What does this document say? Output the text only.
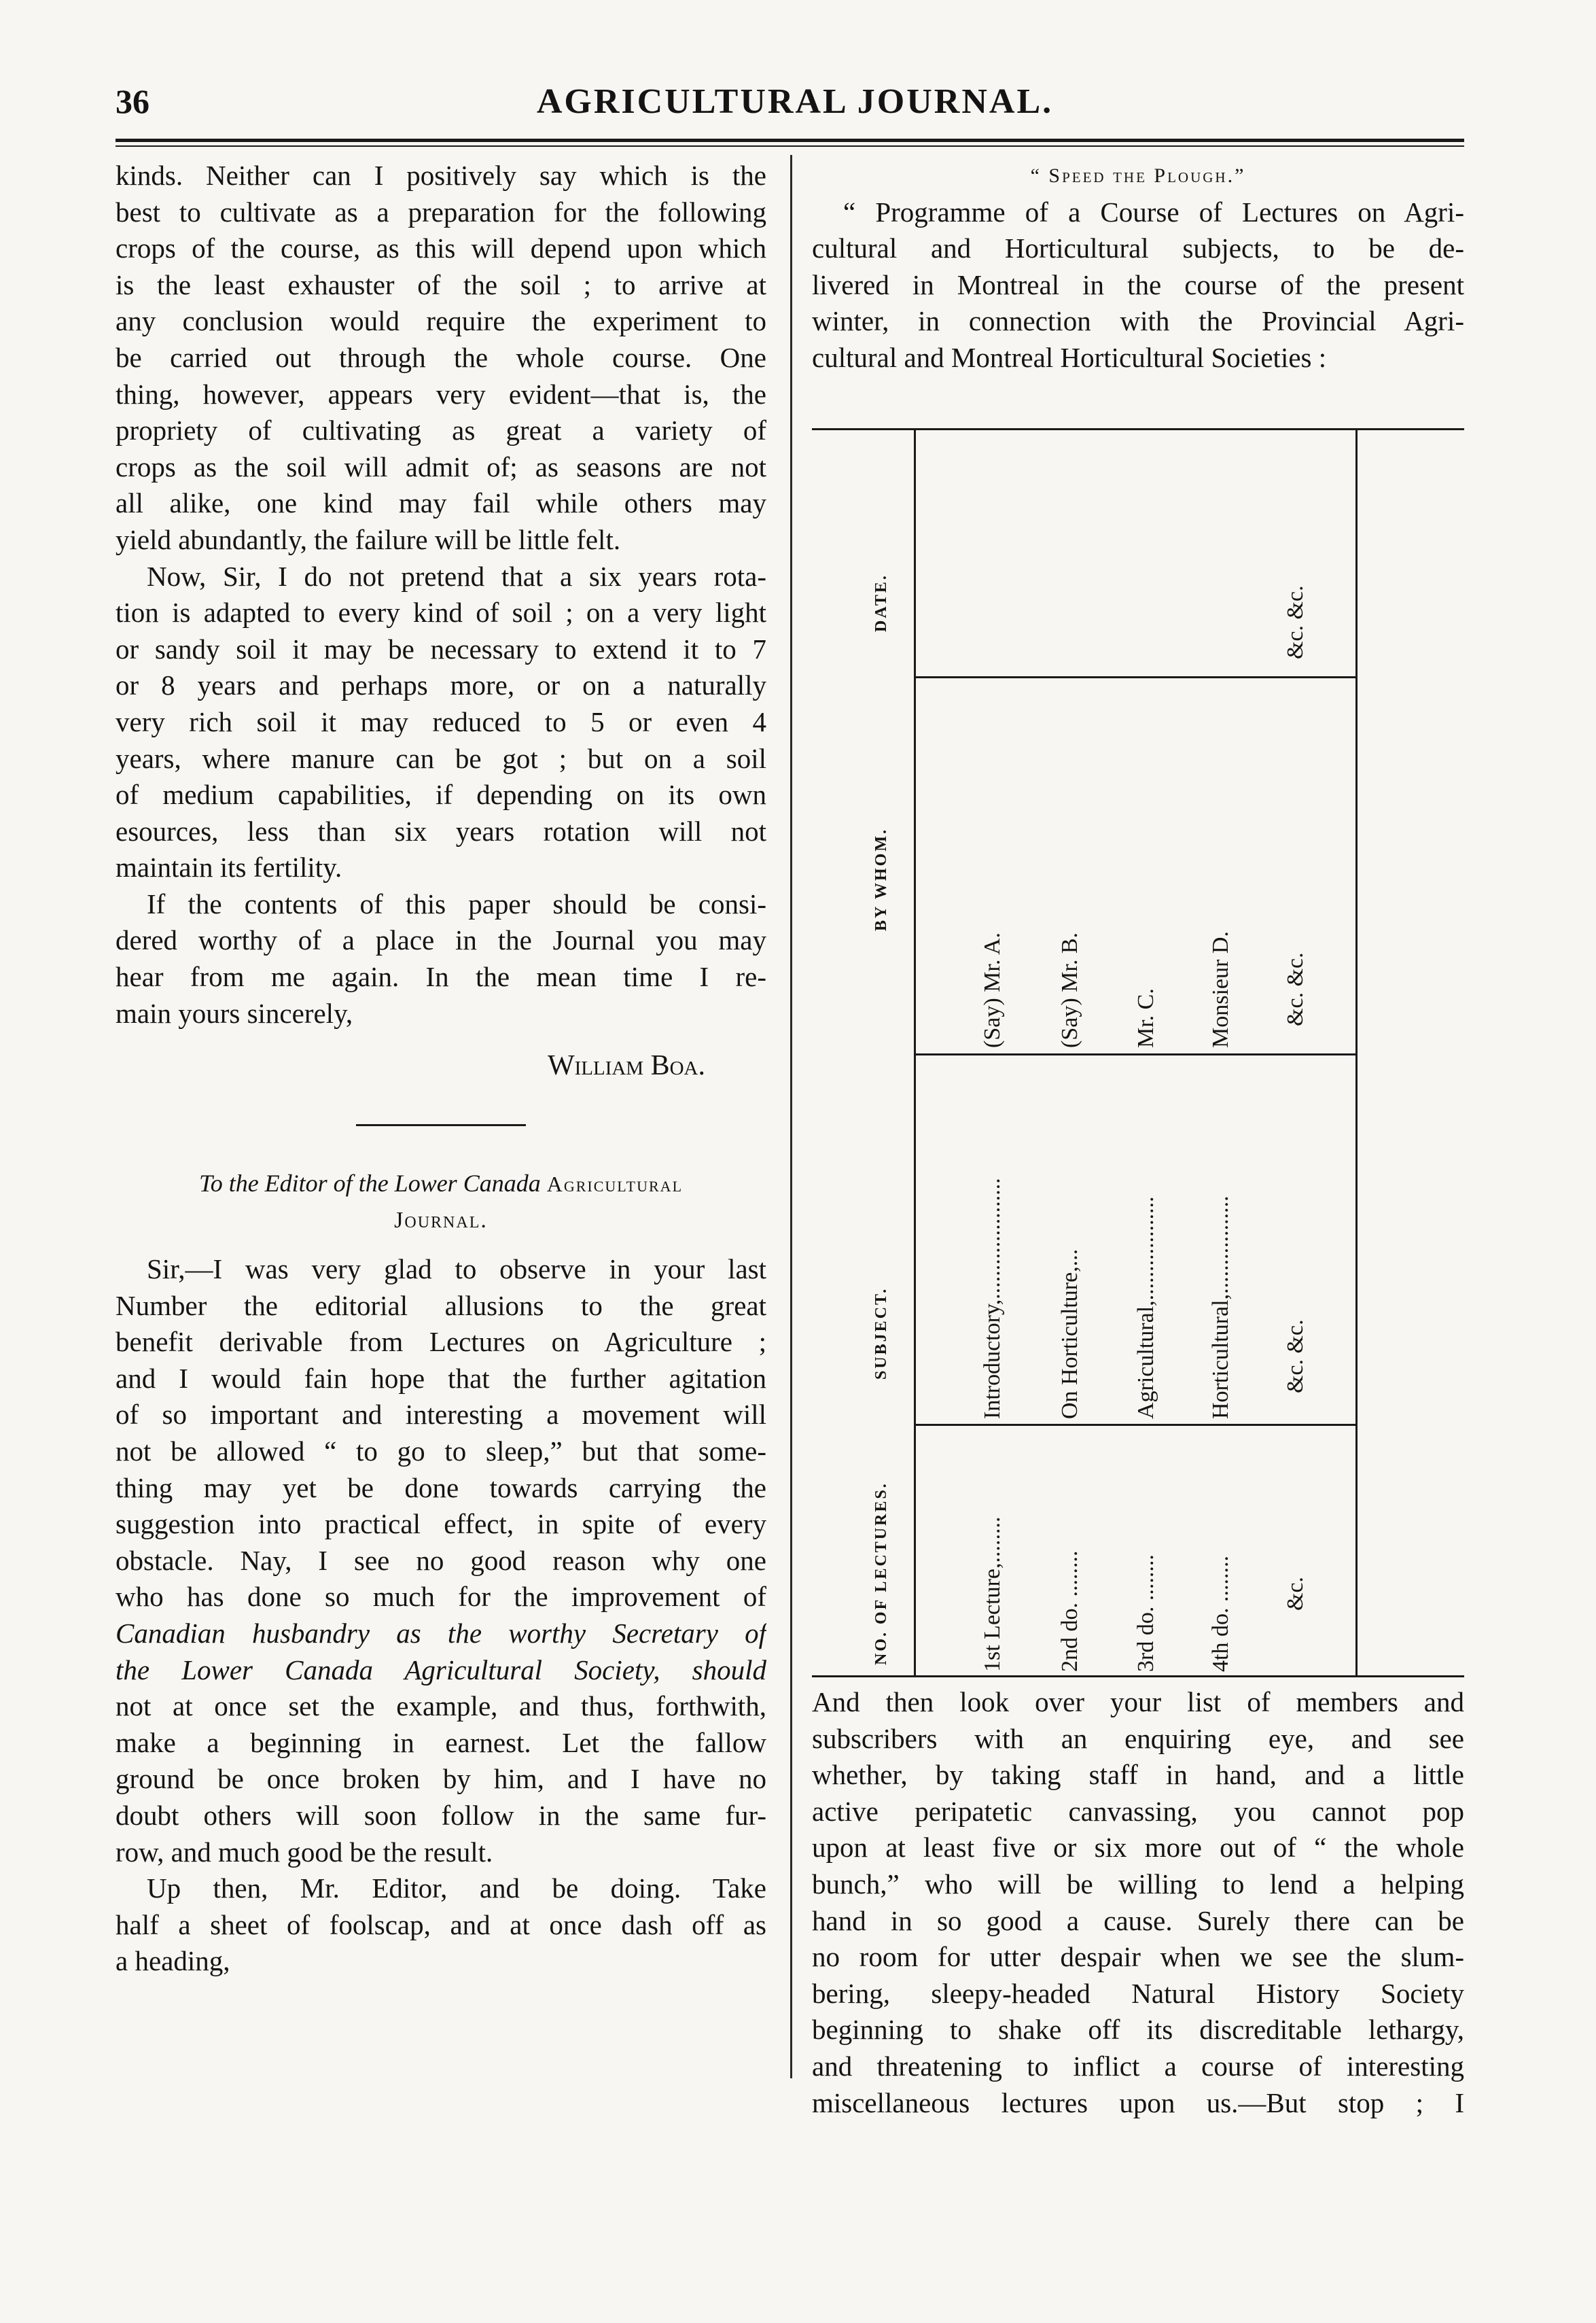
36	AGRICULTURAL JOURNAL.
kinds. Neither can I positively say which is the
best to cultivate as a preparation for the following
crops of the course, as this will depend upon which
is the least exhauster of the soil ; to arrive at
any conclusion would require the experiment to
be carried out through the whole course. One
thing, however, appears very evident—that is, the
propriety of cultivating as great a variety of
crops as the soil will admit of; as seasons are not
all alike, one kind may fail while others may
yield abundantly, the failure will be little felt.
Now, Sir, I do not pretend that a six years rota-
tion is adapted to every kind of soil ; on a very light
or sandy soil it may be necessary to extend it to 7
or 8 years and perhaps more, or on a naturally
very rich soil it may reduced to 5 or even 4
years, where manure can be got ; but on a soil
of medium capabilities, if depending on its own
esources, less than six years rotation will not
maintain its fertility.
If the contents of this paper should be consi-
dered worthy of a place in the Journal you may
hear from me again. In the mean time I re-
main yours sincerely,
William Boa.
To the Editor of the Lower Canada Agricultural
Journal.
Sir,—I was very glad to observe in your last
Number the editorial allusions to the great
benefit derivable from Lectures on Agriculture ;
and I would fain hope that the further agitation
of so important and interesting a movement will
not be allowed “ to go to sleep,” but that some-
thing may yet be done towards carrying the
suggestion into practical effect, in spite of every
obstacle. Nay, I see no good reason why one
who has done so much for the improvement of
Canadian husbandry as the worthy Secretary of
the Lower Canada Agricultural Society, should
not at once set the example, and thus, forthwith,
make a beginning in earnest. Let the fallow
ground be once broken by him, and I have no
doubt others will soon follow in the same fur-
row, and much good be the result.
Up then, Mr. Editor, and be doing. Take
half a sheet of foolscap, and at once dash off as
a heading,
“ Speed the Plough.”
“ Programme of a Course of Lectures on Agri-
cultural and Horticultural subjects, to be de-
livered in Montreal in the course of the present
winter, in connection with the Provincial Agri-
cultural and Montreal Horticultural Societies :
NO. OF LECTURES.
SUBJECT.
BY WHOM.
DATE.
1st Lecture,........
Introductory,.....................
(Say) Mr. A.
2nd do. ........
On Horticulture,...
(Say) Mr. B.
3rd do. ........
Agricultural,..................
Mr. C.
4th do. ........
Horticultural,.................
Monsieur D.
&c.
&c. &c.
&c. &c.
&c. &c.
And then look over your list of members and
subscribers with an enquiring eye, and see
whether, by taking staff in hand, and a little
active peripatetic canvassing, you cannot pop
upon at least five or six more out of “ the whole
bunch,” who will be willing to lend a helping
hand in so good a cause. Surely there can be
no room for utter despair when we see the slum-
bering, sleepy-headed Natural History Society
beginning to shake off its discreditable lethargy,
and threatening to inflict a course of interesting
miscellaneous lectures upon us.—But stop ; I
